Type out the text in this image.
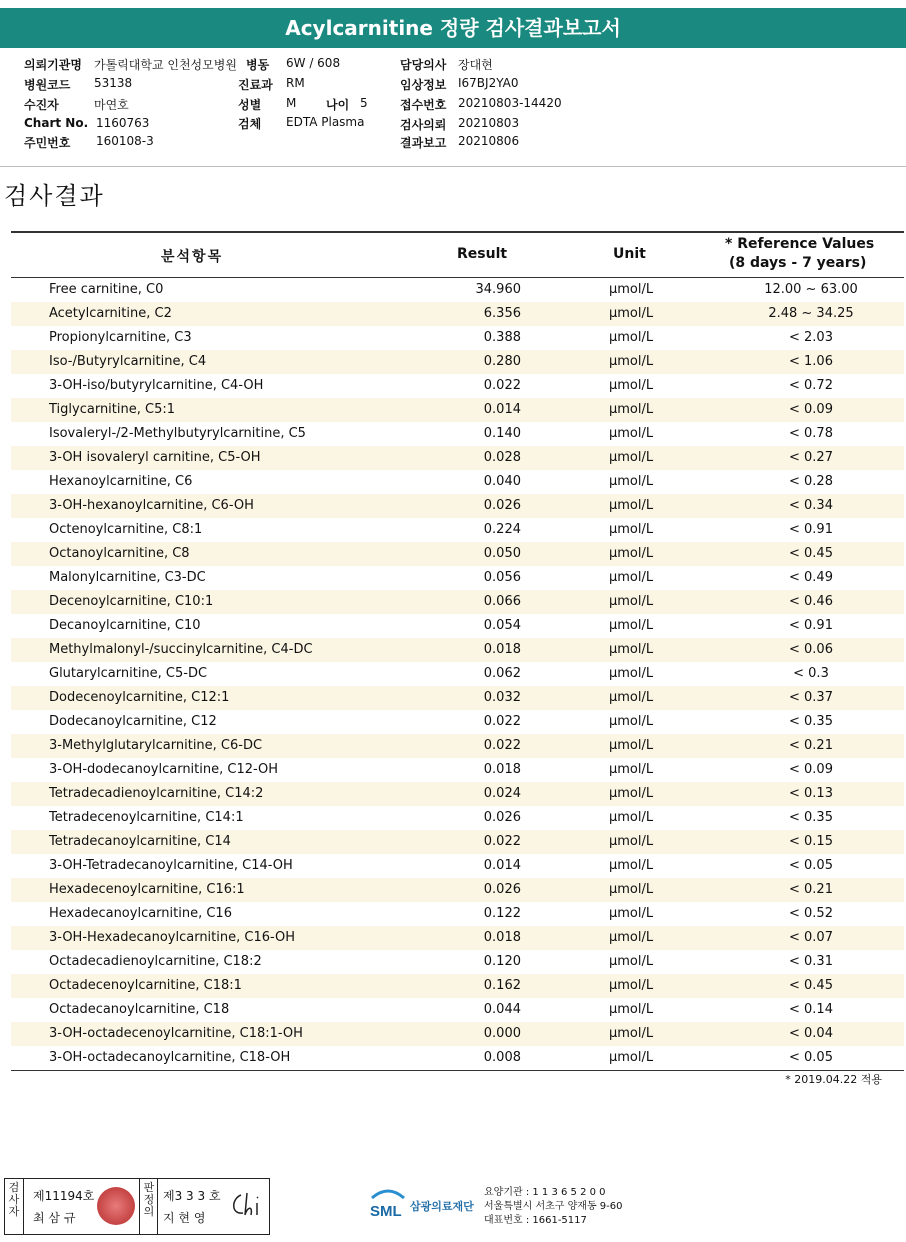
Acylcarnitine 정량 검사결과보고서
의뢰기관명 가톨릭대학교 인천성모병원
병원코드 53138
수진자	마연호
Chart No. 1160763
주민번호 160108-3
병동 6W / 608
진료과 RM
성별 M 나이 5
검체 EDTA Plasma
담당의사 장대현
임상정보 I67BJ2YA0
접수번호 20210803-14420
검사의뢰 20210803
결과보고 20210806
검사결과
분석항목	Result	Unit
* Reference Values
(8 days - 7 years)
Free carnitine, C0	34.960	μmol/L	12.00 ~ 63.00
Acetylcarnitine, C2	6.356	μmol/L	2.48 ~ 34.25
Propionylcarnitine, C3	0.388	μmol/L	< 2.03
Iso-/Butyrylcarnitine, C4	0.280	μmol/L	< 1.06
3-OH-iso/butyrylcarnitine, C4-OH	0.022	μmol/L	< 0.72
Tiglycarnitine, C5:1	0.014	μmol/L	< 0.09
Isovaleryl-/2-Methylbutyrylcarnitine, C5	0.140	μmol/L	< 0.78
3-OH isovaleryl carnitine, C5-OH	0.028	μmol/L	< 0.27
Hexanoylcarnitine, C6	0.040	μmol/L	< 0.28
3-OH-hexanoylcarnitine, C6-OH	0.026	μmol/L	< 0.34
Octenoylcarnitine, C8:1	0.224	μmol/L	< 0.91
Octanoylcarnitine, C8	0.050	μmol/L	< 0.45
Malonylcarnitine, C3-DC	0.056	μmol/L	< 0.49
Decenoylcarnitine, C10:1	0.066	μmol/L	< 0.46
Decanoylcarnitine, C10	0.054	μmol/L	< 0.91
Methylmalonyl-/succinylcarnitine, C4-DC	0.018	μmol/L	< 0.06
Glutarylcarnitine, C5-DC	0.062	μmol/L	< 0.3
Dodecenoylcarnitine, C12:1	0.032	μmol/L	< 0.37
Dodecanoylcarnitine, C12	0.022	μmol/L	< 0.35
3-Methylglutarylcarnitine, C6-DC	0.022	μmol/L	< 0.21
3-OH-dodecanoylcarnitine, C12-OH	0.018	μmol/L	< 0.09
Tetradecadienoylcarnitine, C14:2	0.024	μmol/L	< 0.13
Tetradecenoylcarnitine, C14:1	0.026	μmol/L	< 0.35
Tetradecanoylcarnitine, C14	0.022	μmol/L	< 0.15
3-OH-Tetradecanoylcarnitine, C14-OH	0.014	μmol/L	< 0.05
Hexadecenoylcarnitine, C16:1	0.026	μmol/L	< 0.21
Hexadecanoylcarnitine, C16	0.122	μmol/L	< 0.52
3-OH-Hexadecanoylcarnitine, C16-OH	0.018	μmol/L	< 0.07
Octadecadienoylcarnitine, C18:2	0.120	μmol/L	< 0.31
Octadecenoylcarnitine, C18:1	0.162	μmol/L	< 0.45
Octadecanoylcarnitine, C18	0.044	μmol/L	< 0.14
3-OH-octadecenoylcarnitine, C18:1-OH	0.000	μmol/L	< 0.04
3-OH-octadecanoylcarnitine, C18-OH	0.008	μmol/L	< 0.05
* 2019.04.22 적용
검사자
제11194호
최 삼 규
판정의
제3 3 3 호
지 현 영	SML 삼광의료재단
요양기관 : 1 1 3 6 5 2 0 0
서울특별시 서초구 양재동 9-60
대표번호 : 1661-5117
